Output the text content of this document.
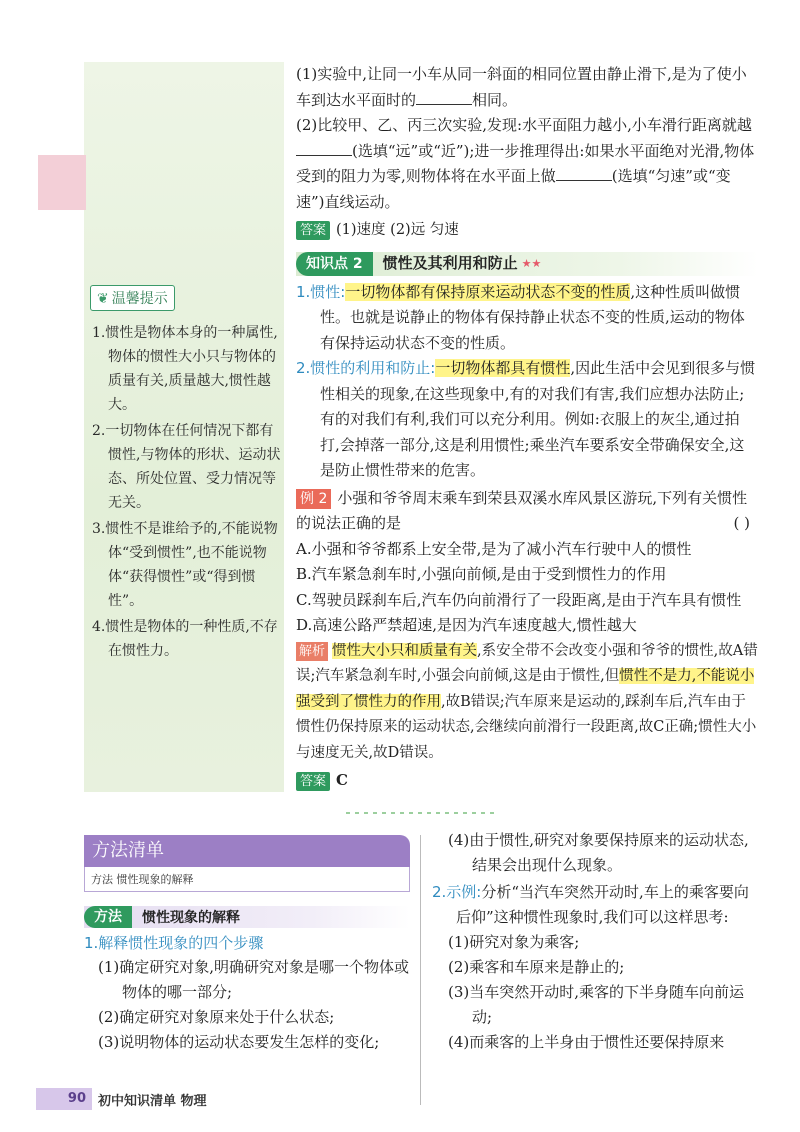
❦ 温馨提示
1.惯性是物体本身的一种属性,物体的惯性大小只与物体的质量有关,质量越大,惯性越大。
2.一切物体在任何情况下都有惯性,与物体的形状、运动状态、所处位置、受力情况等无关。
3.惯性不是谁给予的,不能说物体“受到惯性”,也不能说物体“获得惯性”或“得到惯性”。
4.惯性是物体的一种性质,不存在惯性力。

(1)实验中,让同一小车从同一斜面的相同位置由静止滑下,是为了使小车到达水平面时的	相同。

(2)比较甲、乙、丙三次实验,发现:水平面阻力越小,小车滑行距离就越(选填“远”或“近”);进一步推理得出:如果水平面绝对光滑,物体受到的阻力为零,则物体将在水平面上做	(选填“匀速”或“变速”)直线运动。

答案 (1)速度 (2)远 匀速

知识点 2	惯性及其利用和防止 ★★

1.惯性:一切物体都有保持原来运动状态不变的性质,这种性质叫做惯性。也就是说静止的物体有保持静止状态不变的性质,运动的物体有保持运动状态不变的性质。

2.惯性的利用和防止:一切物体都具有惯性,因此生活中会见到很多与惯性相关的现象,在这些现象中,有的对我们有害,我们应想办法防止;有的对我们有利,我们可以充分利用。例如:衣服上的灰尘,通过拍打,会掉落一部分,这是利用惯性;乘坐汽车要系安全带确保安全,这是防止惯性带来的危害。

例 2 小强和爷爷周末乘车到荣县双溪水库风景区游玩,下列有关惯性的说法正确的是	( )

A.小强和爷爷都系上安全带,是为了减小汽车行驶中人的惯性

B.汽车紧急刹车时,小强向前倾,是由于受到惯性力的作用

C.驾驶员踩刹车后,汽车仍向前滑行了一段距离,是由于汽车具有惯性

D.高速公路严禁超速,是因为汽车速度越大,惯性越大

解析 惯性大小只和质量有关,系安全带不会改变小强和爷爷的惯性,故A错误;汽车紧急刹车时,小强会向前倾,这是由于惯性,但惯性不是力,不能说小强受到了惯性力的作用,故B错误;汽车原来是运动的,踩刹车后,汽车由于惯性仍保持原来的运动状态,会继续向前滑行一段距离,故C正确;惯性大小与速度无关,故D错误。

答案 C

方法清单
方法 惯性现象的解释
方法	惯性现象的解释
1.解释惯性现象的四个步骤
(1)确定研究对象,明确研究对象是哪一个物体或物体的哪一部分;
(2)确定研究对象原来处于什么状态;
(3)说明物体的运动状态要发生怎样的变化;
(4)由于惯性,研究对象要保持原来的运动状态,结果会出现什么现象。
2.示例:分析“当汽车突然开动时,车上的乘客要向后仰”这种惯性现象时,我们可以这样思考:
(1)研究对象为乘客;
(2)乘客和车原来是静止的;
(3)当车突然开动时,乘客的下半身随车向前运动;
(4)而乘客的上半身由于惯性还要保持原来
90 初中知识清单 物理
